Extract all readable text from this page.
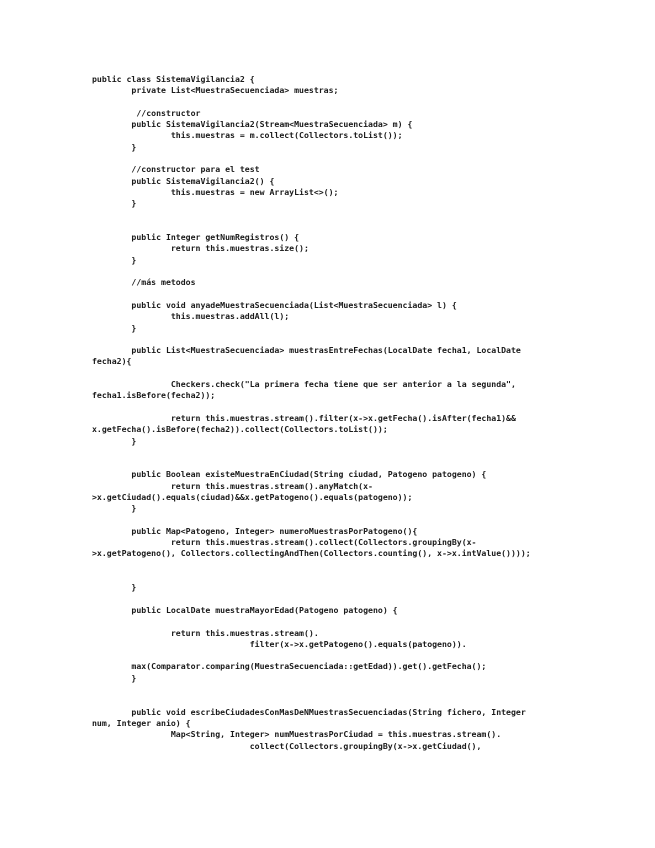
public class SistemaVigilancia2 {
private List<MuestraSecuenciada> muestras;
//constructor
public SistemaVigilancia2(Stream<MuestraSecuenciada> m) {
this.muestras = m.collect(Collectors.toList());
}
//constructor para el test
public SistemaVigilancia2() {
this.muestras = new ArrayList<>();
}
public Integer getNumRegistros() {
return this.muestras.size();
}
//más metodos
public void anyadeMuestraSecuenciada(List<MuestraSecuenciada> l) {
this.muestras.addAll(l);
}
public List<MuestraSecuenciada> muestrasEntreFechas(LocalDate fecha1, LocalDate
fecha2){
Checkers.check("La primera fecha tiene que ser anterior a la segunda",
fecha1.isBefore(fecha2));
return this.muestras.stream().filter(x->x.getFecha().isAfter(fecha1)&&
x.getFecha().isBefore(fecha2)).collect(Collectors.toList());
}
public Boolean existeMuestraEnCiudad(String ciudad, Patogeno patogeno) {
return this.muestras.stream().anyMatch(x-
>x.getCiudad().equals(ciudad)&&x.getPatogeno().equals(patogeno));
}
public Map<Patogeno, Integer> numeroMuestrasPorPatogeno(){
return this.muestras.stream().collect(Collectors.groupingBy(x-
>x.getPatogeno(), Collectors.collectingAndThen(Collectors.counting(), x->x.intValue())));
}
public LocalDate muestraMayorEdad(Patogeno patogeno) {
return this.muestras.stream().
filter(x->x.getPatogeno().equals(patogeno)).
max(Comparator.comparing(MuestraSecuenciada::getEdad)).get().getFecha();
}
public void escribeCiudadesConMasDeNMuestrasSecuenciadas(String fichero, Integer
num, Integer anio) {
Map<String, Integer> numMuestrasPorCiudad = this.muestras.stream().
collect(Collectors.groupingBy(x->x.getCiudad(),
